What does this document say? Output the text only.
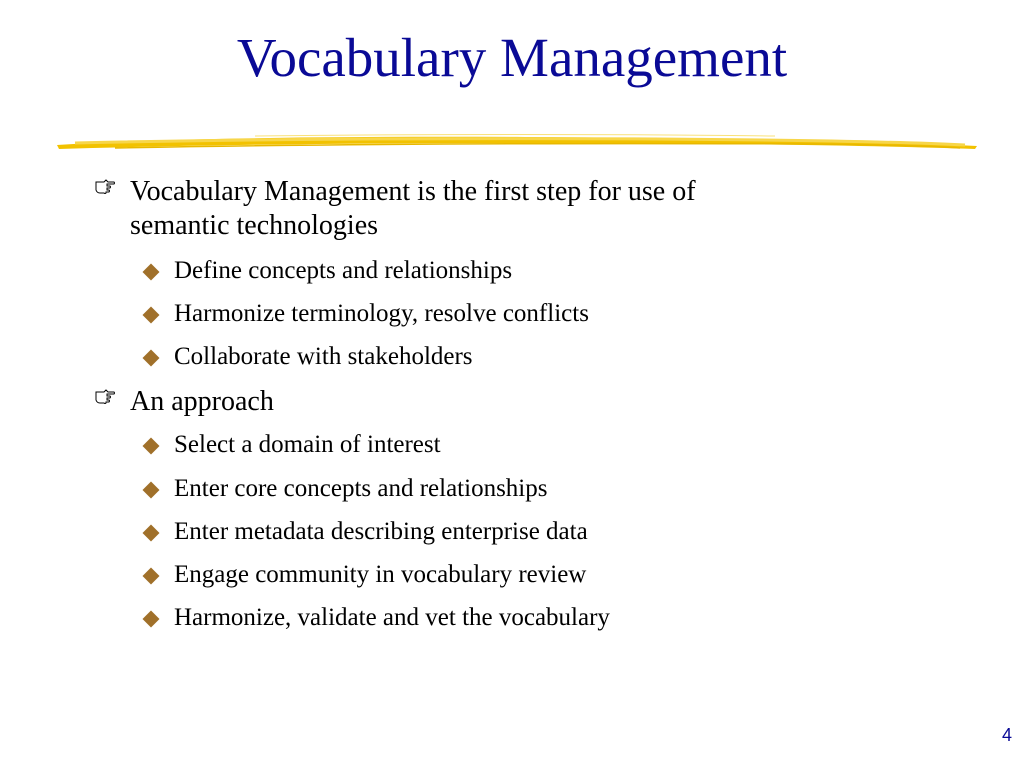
Vocabulary Management
Vocabulary Management is the first step for use of
semantic technologies
Define concepts and relationships
Harmonize terminology, resolve conflicts
Collaborate with stakeholders
An approach
Select a domain of interest
Enter core concepts and relationships
Enter metadata describing enterprise data
Engage community in vocabulary review
Harmonize, validate and vet the vocabulary
4
